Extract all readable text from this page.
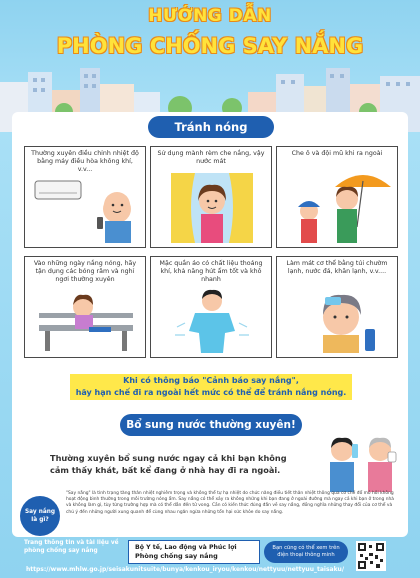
HƯỚNG DẪN
PHÒNG CHỐNG SAY NẮNG
Tránh nóng
Thường xuyên điều chỉnh nhiệt độ bằng máy điều hòa không khí, v.v...
Sử dụng mành rèm che nắng, vậy nước mát
Che ô và đội mũ khi ra ngoài
Vào những ngày nắng nóng, hãy tận dụng các bóng râm và nghỉ ngơi thường xuyên
Mặc quần áo có chất liệu thoáng khí, khả năng hút ẩm tốt và khô nhanh
Làm mát cơ thể bằng túi chườm lạnh, nước đá, khăn lạnh, v.v....
Khi có thông báo "Cảnh báo say nắng",
hãy hạn chế đi ra ngoài hết mức có thể để tránh nắng nóng.
Bổ sung nước thường xuyên!
Thường xuyên bổ sung nước ngay cả khi bạn không
cảm thấy khát, bất kể đang ở nhà hay đi ra ngoài.
Say nắng
là gì?
"Say nắng" là tình trạng tăng thân nhiệt nghiêm trọng và không thể tự hạ nhiệt do chức năng điều tiết thân nhiệt thông qua cơ chế đổ mồ hôi không hoạt động bình thường trong môi trường nóng ẩm. Say nắng có thể xảy ra không những khi bạn đang ở ngoài đường mà ngay cả khi bạn ở trong nhà và không làm gì, tùy từng trường hợp mà có thể dẫn đến tử vong. Cần có kiến thức đúng đắn về say nắng, đồng nghĩa những thay đổi của cơ thể và chú ý đến những người xung quanh để cùng nhau ngăn ngừa những tổn hại sức khỏe do say nắng.
Trang thông tin và tài liệu về
phòng chống say nắng	Bộ Y tế, Lao động và Phúc lợi
Phòng chống say nắng
Bạn cũng có thể xem trên
điện thoại thông minh
https://www.mhlw.go.jp/seisakunitsuite/bunya/kenkou_iryou/kenkou/nettyuu/nettyuu_taisaku/
